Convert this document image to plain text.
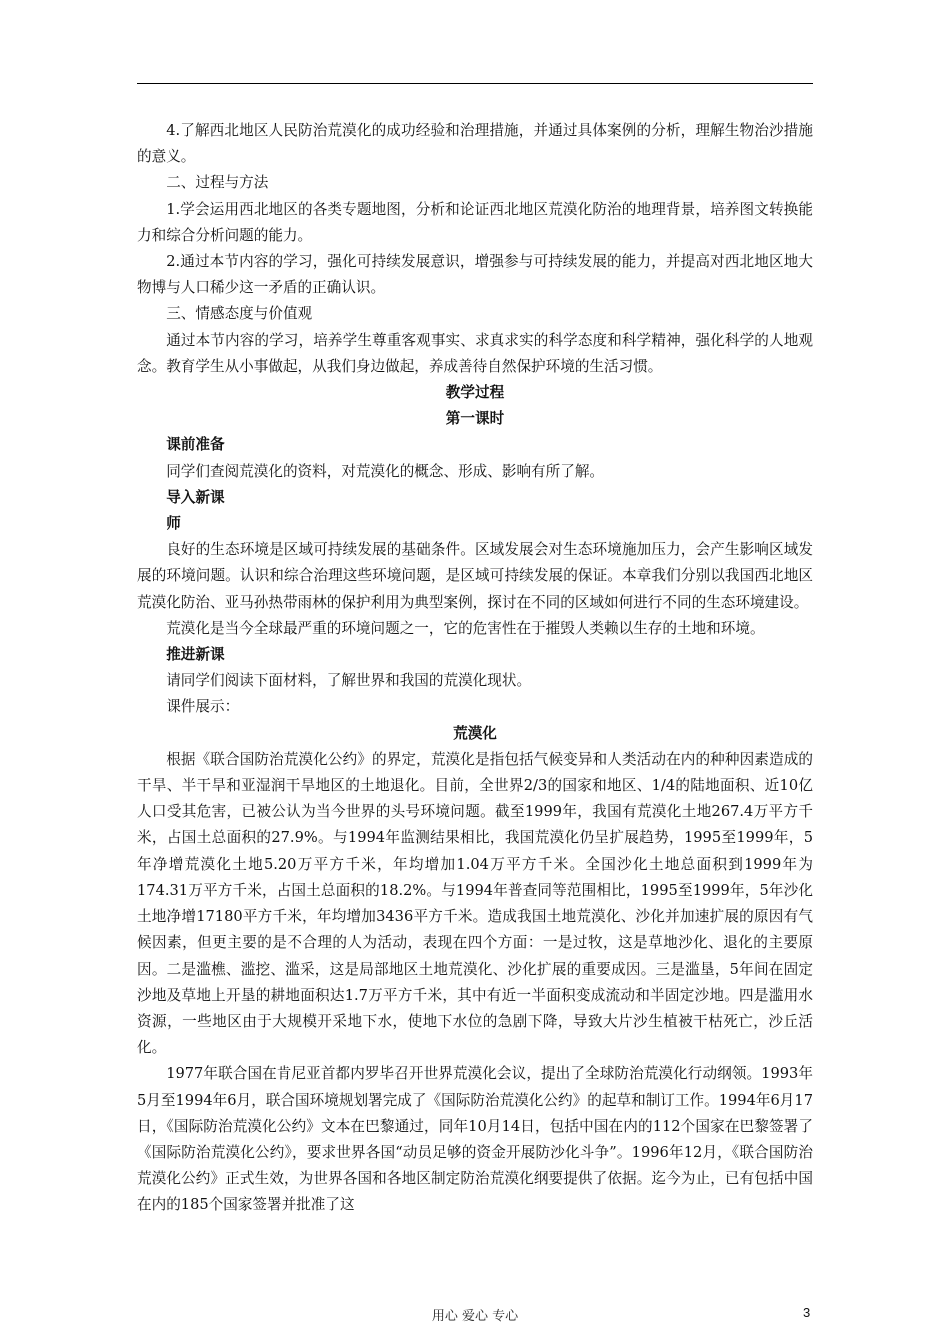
4.了解西北地区人民防治荒漠化的成功经验和治理措施，并通过具体案例的分析，理解生物治沙措施的意义。

二、过程与方法

1.学会运用西北地区的各类专题地图，分析和论证西北地区荒漠化防治的地理背景，培养图文转换能力和综合分析问题的能力。

2.通过本节内容的学习，强化可持续发展意识，增强参与可持续发展的能力，并提高对西北地区地大物博与人口稀少这一矛盾的正确认识。

三、情感态度与价值观

通过本节内容的学习，培养学生尊重客观事实、求真求实的科学态度和科学精神，强化科学的人地观念。教育学生从小事做起，从我们身边做起，养成善待自然保护环境的生活习惯。

教学过程

第一课时

课前准备

同学们查阅荒漠化的资料，对荒漠化的概念、形成、影响有所了解。

导入新课

师

良好的生态环境是区域可持续发展的基础条件。区域发展会对生态环境施加压力，会产生影响区域发展的环境问题。认识和综合治理这些环境问题，是区域可持续发展的保证。本章我们分别以我国西北地区荒漠化防治、亚马孙热带雨林的保护利用为典型案例，探讨在不同的区域如何进行不同的生态环境建设。

荒漠化是当今全球最严重的环境问题之一，它的危害性在于摧毁人类赖以生存的土地和环境。

推进新课

请同学们阅读下面材料，了解世界和我国的荒漠化现状。

课件展示：

荒漠化

根据《联合国防治荒漠化公约》的界定，荒漠化是指包括气候变异和人类活动在内的种种因素造成的干旱、半干旱和亚湿润干旱地区的土地退化。目前，全世界2/3的国家和地区、1/4的陆地面积、近10亿人口受其危害，已被公认为当今世界的头号环境问题。截至1999年，我国有荒漠化土地267.4万平方千米，占国土总面积的27.9%。与1994年监测结果相比，我国荒漠化仍呈扩展趋势，1995至1999年，5年净增荒漠化土地5.20万平方千米，年均增加1.04万平方千米。全国沙化土地总面积到1999年为174.31万平方千米，占国土总面积的18.2%。与1994年普查同等范围相比，1995至1999年，5年沙化土地净增17180平方千米，年均增加3436平方千米。造成我国土地荒漠化、沙化并加速扩展的原因有气候因素，但更主要的是不合理的人为活动，表现在四个方面：一是过牧，这是草地沙化、退化的主要原因。二是滥樵、滥挖、滥采，这是局部地区土地荒漠化、沙化扩展的重要成因。三是滥垦，5年间在固定沙地及草地上开垦的耕地面积达1.7万平方千米，其中有近一半面积变成流动和半固定沙地。四是滥用水资源，一些地区由于大规模开采地下水，使地下水位的急剧下降，导致大片沙生植被干枯死亡，沙丘活化。

1977年联合国在肯尼亚首都内罗毕召开世界荒漠化会议，提出了全球防治荒漠化行动纲领。1993年5月至1994年6月，联合国环境规划署完成了《国际防治荒漠化公约》的起草和制订工作。1994年6月17日，《国际防治荒漠化公约》文本在巴黎通过，同年10月14日，包括中国在内的112个国家在巴黎签署了《国际防治荒漠化公约》，要求世界各国“动员足够的资金开展防沙化斗争”。1996年12月，《联合国防治荒漠化公约》正式生效，为世界各国和各地区制定防治荒漠化纲要提供了依据。迄今为止，已有包括中国在内的185个国家签署并批准了这

用心 爱心 专心	3
